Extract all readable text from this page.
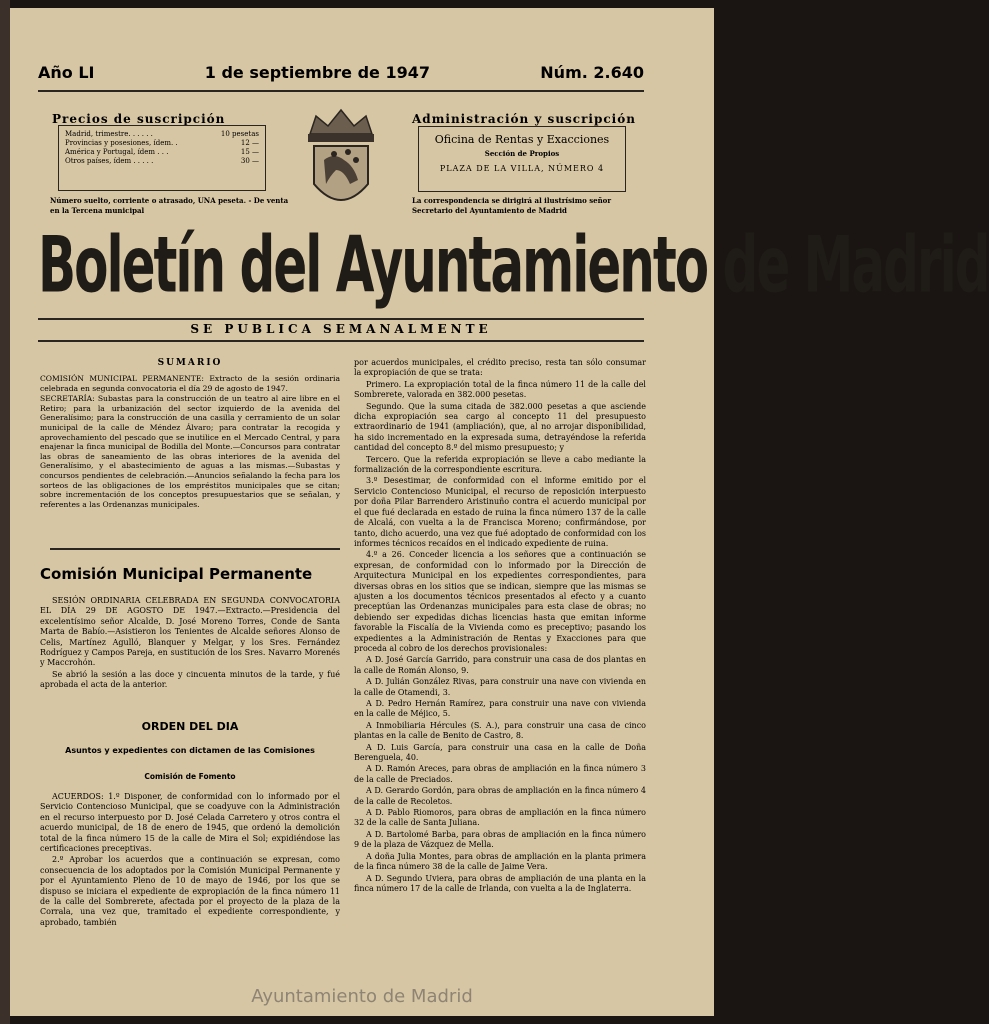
Año LI	1 de septiembre de 1947	Núm. 2.640
Precios de suscripción
Madrid, trimestre. . . . . .	10 pesetas
Provincias y posesiones, ídem. .	12 —
América y Portugal, ídem . . .	15 —
Otros países, ídem . . . . .	30 —
Número suelto, corriente o atrasado, UNA peseta. - De venta en la Tercena municipal
Administración y suscripción
Oficina de Rentas y Exacciones
Sección de Propios
PLAZA DE LA VILLA, NÚMERO 4
La correspondencia se dirigirá al ilustrísimo señor Secretario del Ayuntamiento de Madrid
Boletín del Ayuntamiento de Madrid
SE PUBLICA SEMANALMENTE
SUMARIO

COMISIÓN MUNICIPAL PERMANENTE: Extracto de la sesión ordinaria celebrada en segunda convocatoria el día 29 de agosto de 1947.

SECRETARÍA: Subastas para la construcción de un teatro al aire libre en el Retiro; para la urbanización del sector izquierdo de la avenida del Generalísimo; para la construcción de una casilla y cerramiento de un solar municipal de la calle de Méndez Álvaro; para contratar la recogida y aprovechamiento del pescado que se inutilice en el Mercado Central, y para enajenar la finca municipal de Bodilla del Monte.—Concursos para contratar las obras de saneamiento de las obras interiores de la avenida del Generalísimo, y el abastecimiento de aguas a las mismas.—Subastas y concursos pendientes de celebración.—Anuncios señalando la fecha para los sorteos de las obligaciones de los empréstitos municipales que se citan; sobre incrementación de los conceptos presupuestarios que se señalan, y referentes a las Ordenanzas municipales.

Comisión Municipal Permanente

SESIÓN ORDINARIA CELEBRADA EN SEGUNDA CONVOCATORIA EL DÍA 29 DE AGOSTO DE 1947.—Extracto.—Presidencia del excelentísimo señor Alcalde, D. José Moreno Torres, Conde de Santa Marta de Babío.—Asistieron los Tenientes de Alcalde señores Alonso de Celis, Martínez Agulló, Blanquer y Melgar, y los Sres. Fernández Rodríguez y Campos Pareja, en sustitución de los Sres. Navarro Morenés y Maccrohón.

Se abrió la sesión a las doce y cincuenta minutos de la tarde, y fué aprobada el acta de la anterior.

ORDEN DEL DIA
Asuntos y expedientes con dictamen de las Comisiones
Comisión de Fomento

ACUERDOS: 1.º Disponer, de conformidad con lo informado por el Servicio Contencioso Municipal, que se coadyuve con la Administración en el recurso interpuesto por D. José Celada Carretero y otros contra el acuerdo municipal, de 18 de enero de 1945, que ordenó la demolición total de la finca número 15 de la calle de Mira el Sol; expidiéndose las certificaciones preceptivas.

2.º Aprobar los acuerdos que a continuación se expresan, como consecuencia de los adoptados por la Comisión Municipal Permanente y por el Ayuntamiento Pleno de 10 de mayo de 1946, por los que se dispuso se iniciara el expediente de expropiación de la finca número 11 de la calle del Sombrerete, afectada por el proyecto de la plaza de la Corrala, una vez que, tramitado el expediente correspondiente, y aprobado, también

por acuerdos municipales, el crédito preciso, resta tan sólo consumar la expropiación de que se trata:

Primero. La expropiación total de la finca número 11 de la calle del Sombrerete, valorada en 382.000 pesetas.

Segundo. Que la suma citada de 382.000 pesetas a que asciende dicha expropiación sea cargo al concepto 11 del presupuesto extraordinario de 1941 (ampliación), que, al no arrojar disponibilidad, ha sido incrementado en la expresada suma, detrayéndose la referida cantidad del concepto 8.º del mismo presupuesto; y

Tercero. Que la referida expropiación se lleve a cabo mediante la formalización de la correspondiente escritura.

3.º Desestimar, de conformidad con el informe emitido por el Servicio Contencioso Municipal, el recurso de reposición interpuesto por doña Pilar Barrendero Aristinuño contra el acuerdo municipal por el que fué declarada en estado de ruina la finca número 137 de la calle de Alcalá, con vuelta a la de Francisca Moreno; confirmándose, por tanto, dicho acuerdo, una vez que fué adoptado de conformidad con los informes técnicos recaídos en el indicado expediente de ruina.

4.º a 26. Conceder licencia a los señores que a continuación se expresan, de conformidad con lo informado por la Dirección de Arquitectura Municipal en los expedientes correspondientes, para diversas obras en los sitios que se indican, siempre que las mismas se ajusten a los documentos técnicos presentados al efecto y a cuanto preceptúan las Ordenanzas municipales para esta clase de obras; no debiendo ser expedidas dichas licencias hasta que emitan informe favorable la Fiscalía de la Vivienda como es preceptivo; pasando los expedientes a la Administración de Rentas y Exacciones para que proceda al cobro de los derechos provisionales:

A D. José García Garrido, para construir una casa de dos plantas en la calle de Román Alonso, 9.

A D. Julián González Rivas, para construir una nave con vivienda en la calle de Otamendi, 3.

A D. Pedro Hernán Ramírez, para construir una nave con vivienda en la calle de Méjico, 5.

A Inmobiliaria Hércules (S. A.), para construir una casa de cinco plantas en la calle de Benito de Castro, 8.

A D. Luis García, para construir una casa en la calle de Doña Berenguela, 40.

A D. Ramón Areces, para obras de ampliación en la finca número 3 de la calle de Preciados.

A D. Gerardo Gordón, para obras de ampliación en la finca número 4 de la calle de Recoletos.

A D. Pablo Riomoros, para obras de ampliación en la finca número 32 de la calle de Santa Juliana.

A D. Bartolomé Barba, para obras de ampliación en la finca número 9 de la plaza de Vázquez de Mella.

A doña Julia Montes, para obras de ampliación en la planta primera de la finca número 38 de la calle de Jaime Vera.

A D. Segundo Uviera, para obras de ampliación de una planta en la finca número 17 de la calle de Irlanda, con vuelta a la de Inglaterra.

Ayuntamiento de Madrid
